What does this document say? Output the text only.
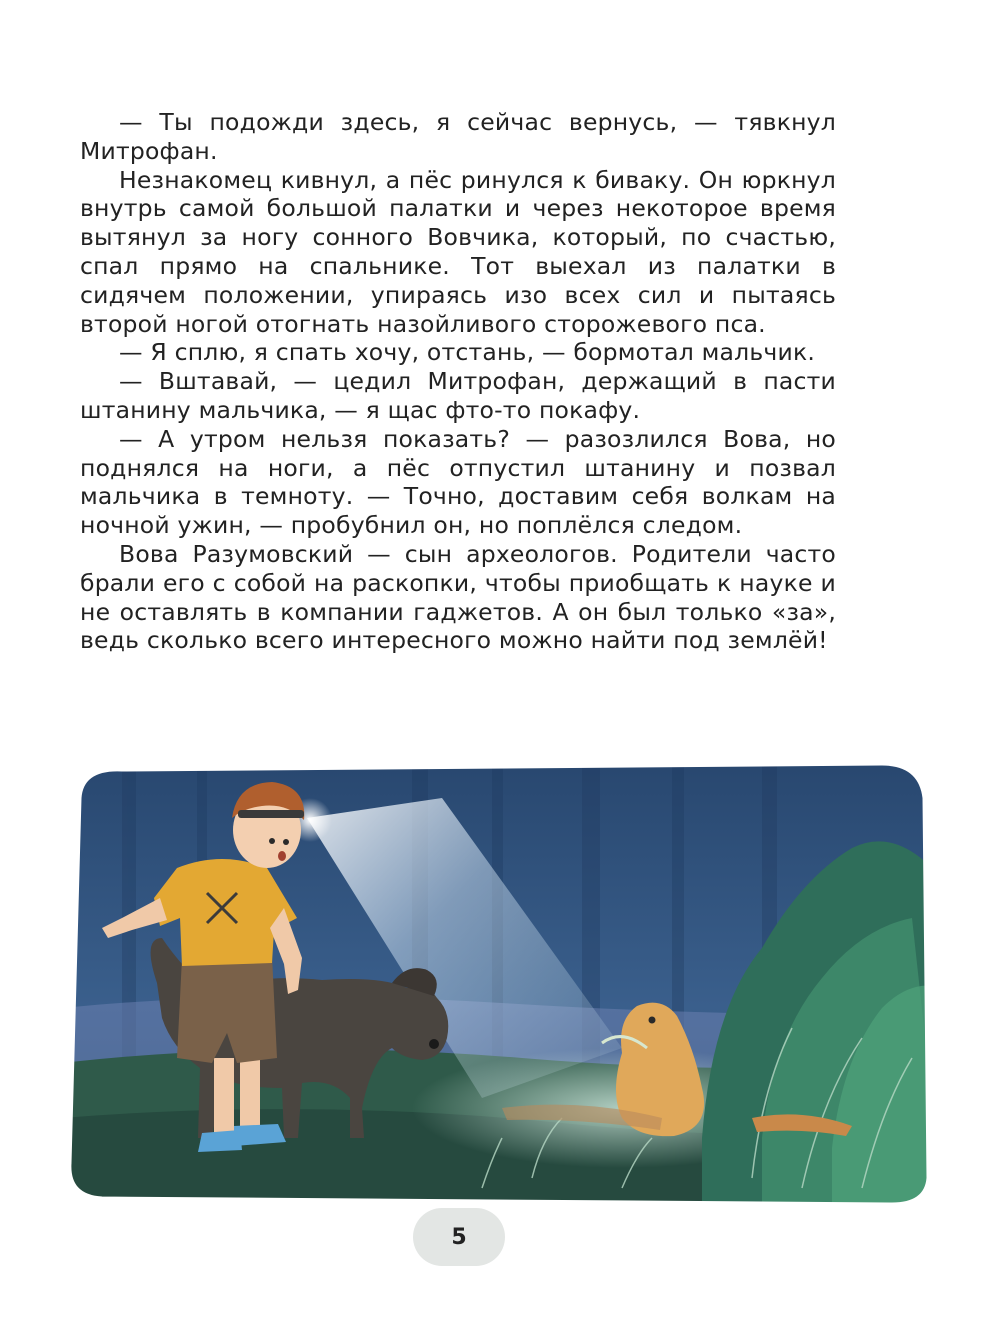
— Ты подожди здесь, я сейчас вернусь, — тявкнул Митрофан.

Незнакомец кивнул, а пёс ринулся к биваку. Он юркнул внутрь самой большой палатки и через некоторое время вытянул за ногу сонного Вовчика, который, по счастью, спал прямо на спальнике. Тот выехал из палатки в сидячем положении, упираясь изо всех сил и пытаясь второй ногой отогнать назойливого сторожевого пса.

— Я сплю, я спать хочу, отстань, — бормотал мальчик.

— Вштавай, — цедил Митрофан, держащий в пасти штанину мальчика, — я щас фто-то покафу.

— А утром нельзя показать? — разозлился Вова, но поднялся на ноги, а пёс отпустил штанину и позвал мальчика в темноту. — Точно, доставим себя волкам на ночной ужин, — пробубнил он, но поплёлся следом.

Вова Разумовский — сын археологов. Родители часто брали его с собой на раскопки, чтобы приобщать к науке и не оставлять в компании гаджетов. А он был только «за», ведь сколько всего интересного можно найти под землёй!

5
